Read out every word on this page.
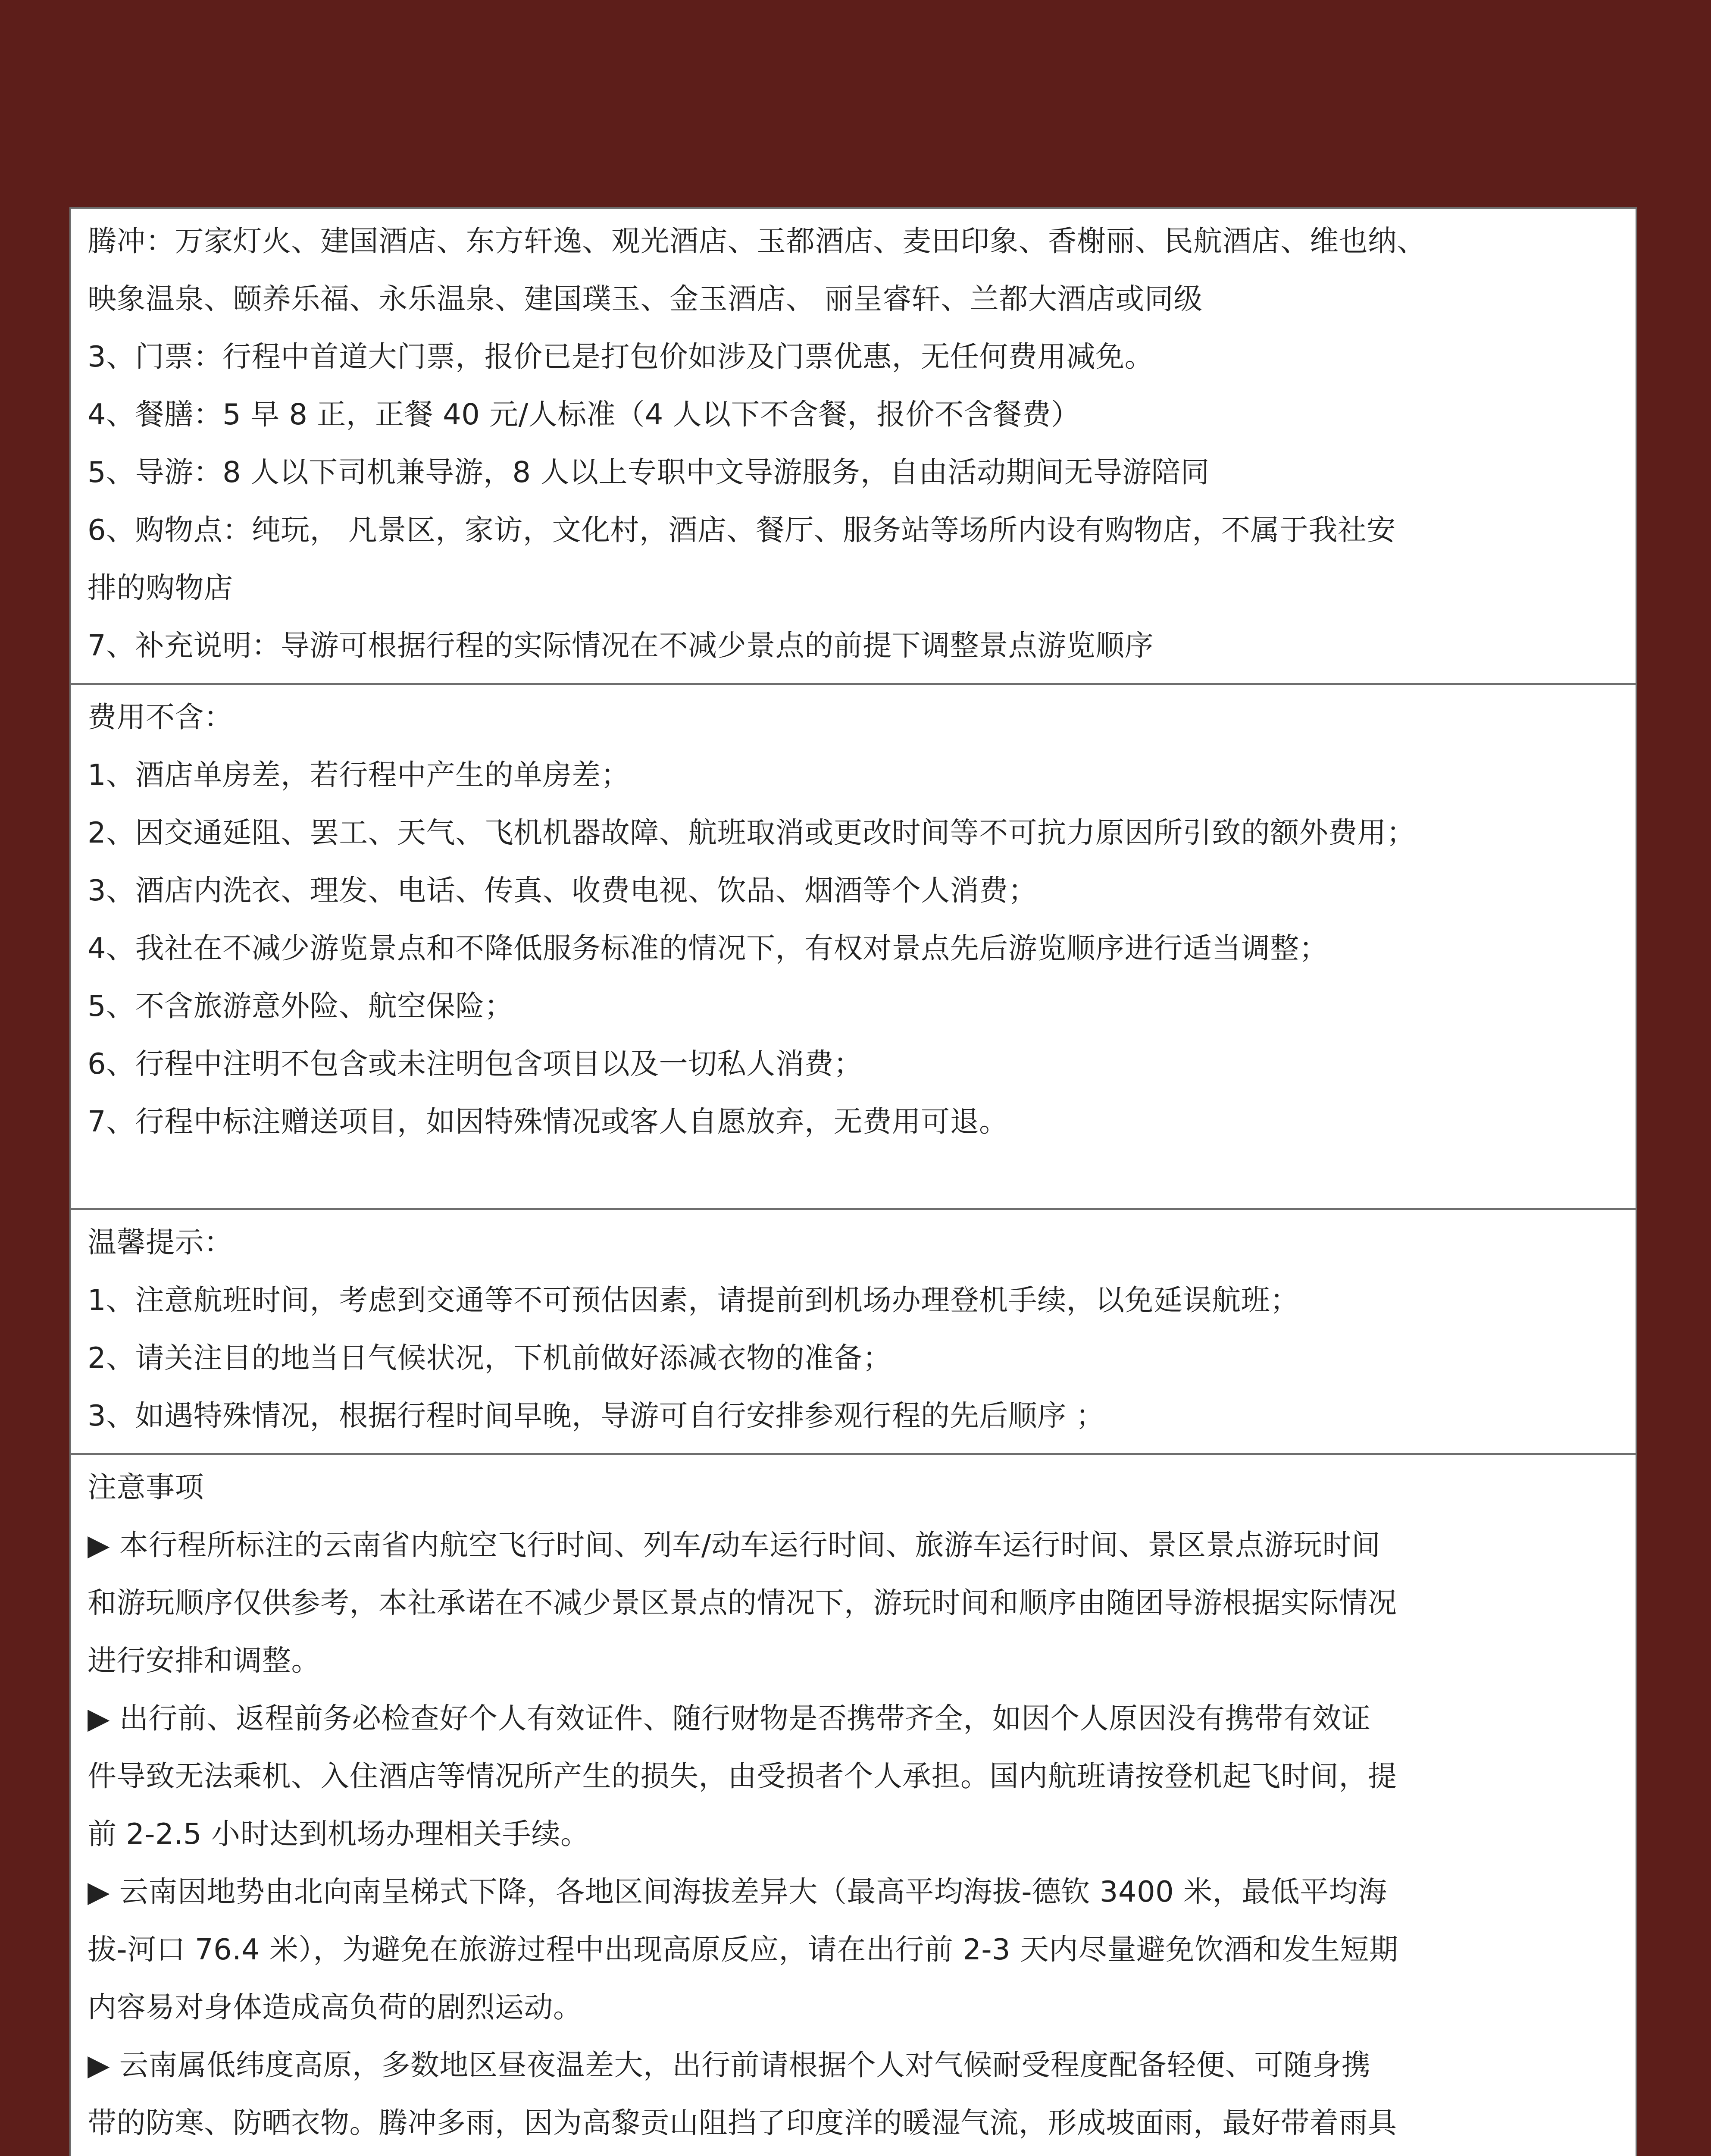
腾冲：万家灯火、建国酒店、东方轩逸、观光酒店、玉都酒店、麦田印象、香榭丽、民航酒店、维也纳、
映象温泉、颐养乐福、永乐温泉、建国璞玉、金玉酒店、 丽呈睿轩、兰都大酒店或同级
3、门票：行程中首道大门票，报价已是打包价如涉及门票优惠，无任何费用减免。
4、餐膳：5 早 8 正，正餐 40 元/人标准（4 人以下不含餐，报价不含餐费）
5、导游：8 人以下司机兼导游，8 人以上专职中文导游服务，自由活动期间无导游陪同
6、购物点：纯玩， 凡景区，家访，文化村，酒店、餐厅、服务站等场所内设有购物店，不属于我社安
排的购物店
7、补充说明：导游可根据行程的实际情况在不减少景点的前提下调整景点游览顺序
费用不含：
1、酒店单房差，若行程中产生的单房差；
2、因交通延阻、罢工、天气、飞机机器故障、航班取消或更改时间等不可抗力原因所引致的额外费用；
3、酒店内洗衣、理发、电话、传真、收费电视、饮品、烟酒等个人消费；
4、我社在不减少游览景点和不降低服务标准的情况下，有权对景点先后游览顺序进行适当调整；
5、不含旅游意外险、航空保险；
6、行程中注明不包含或未注明包含项目以及一切私人消费；
7、行程中标注赠送项目，如因特殊情况或客人自愿放弃，无费用可退。
温馨提示：
1、注意航班时间，考虑到交通等不可预估因素，请提前到机场办理登机手续，以免延误航班；
2、请关注目的地当日气候状况，下机前做好添减衣物的准备；
3、如遇特殊情况，根据行程时间早晚，导游可自行安排参观行程的先后顺序 ；
注意事项
▶ 本行程所标注的云南省内航空飞行时间、列车/动车运行时间、旅游车运行时间、景区景点游玩时间
和游玩顺序仅供参考，本社承诺在不减少景区景点的情况下，游玩时间和顺序由随团导游根据实际情况
进行安排和调整。
▶ 出行前、返程前务必检查好个人有效证件、随行财物是否携带齐全，如因个人原因没有携带有效证
件导致无法乘机、入住酒店等情况所产生的损失，由受损者个人承担。国内航班请按登机起飞时间，提
前 2-2.5 小时达到机场办理相关手续。
▶ 云南因地势由北向南呈梯式下降，各地区间海拔差异大（最高平均海拔-德钦 3400 米，最低平均海
拔-河口 76.4 米），为避免在旅游过程中出现高原反应，请在出行前 2-3 天内尽量避免饮酒和发生短期
内容易对身体造成高负荷的剧烈运动。
▶ 云南属低纬度高原，多数地区昼夜温差大，出行前请根据个人对气候耐受程度配备轻便、可随身携
带的防寒、防晒衣物。腾冲多雨，因为高黎贡山阻挡了印度洋的暖湿气流，形成坡面雨，最好带着雨具
